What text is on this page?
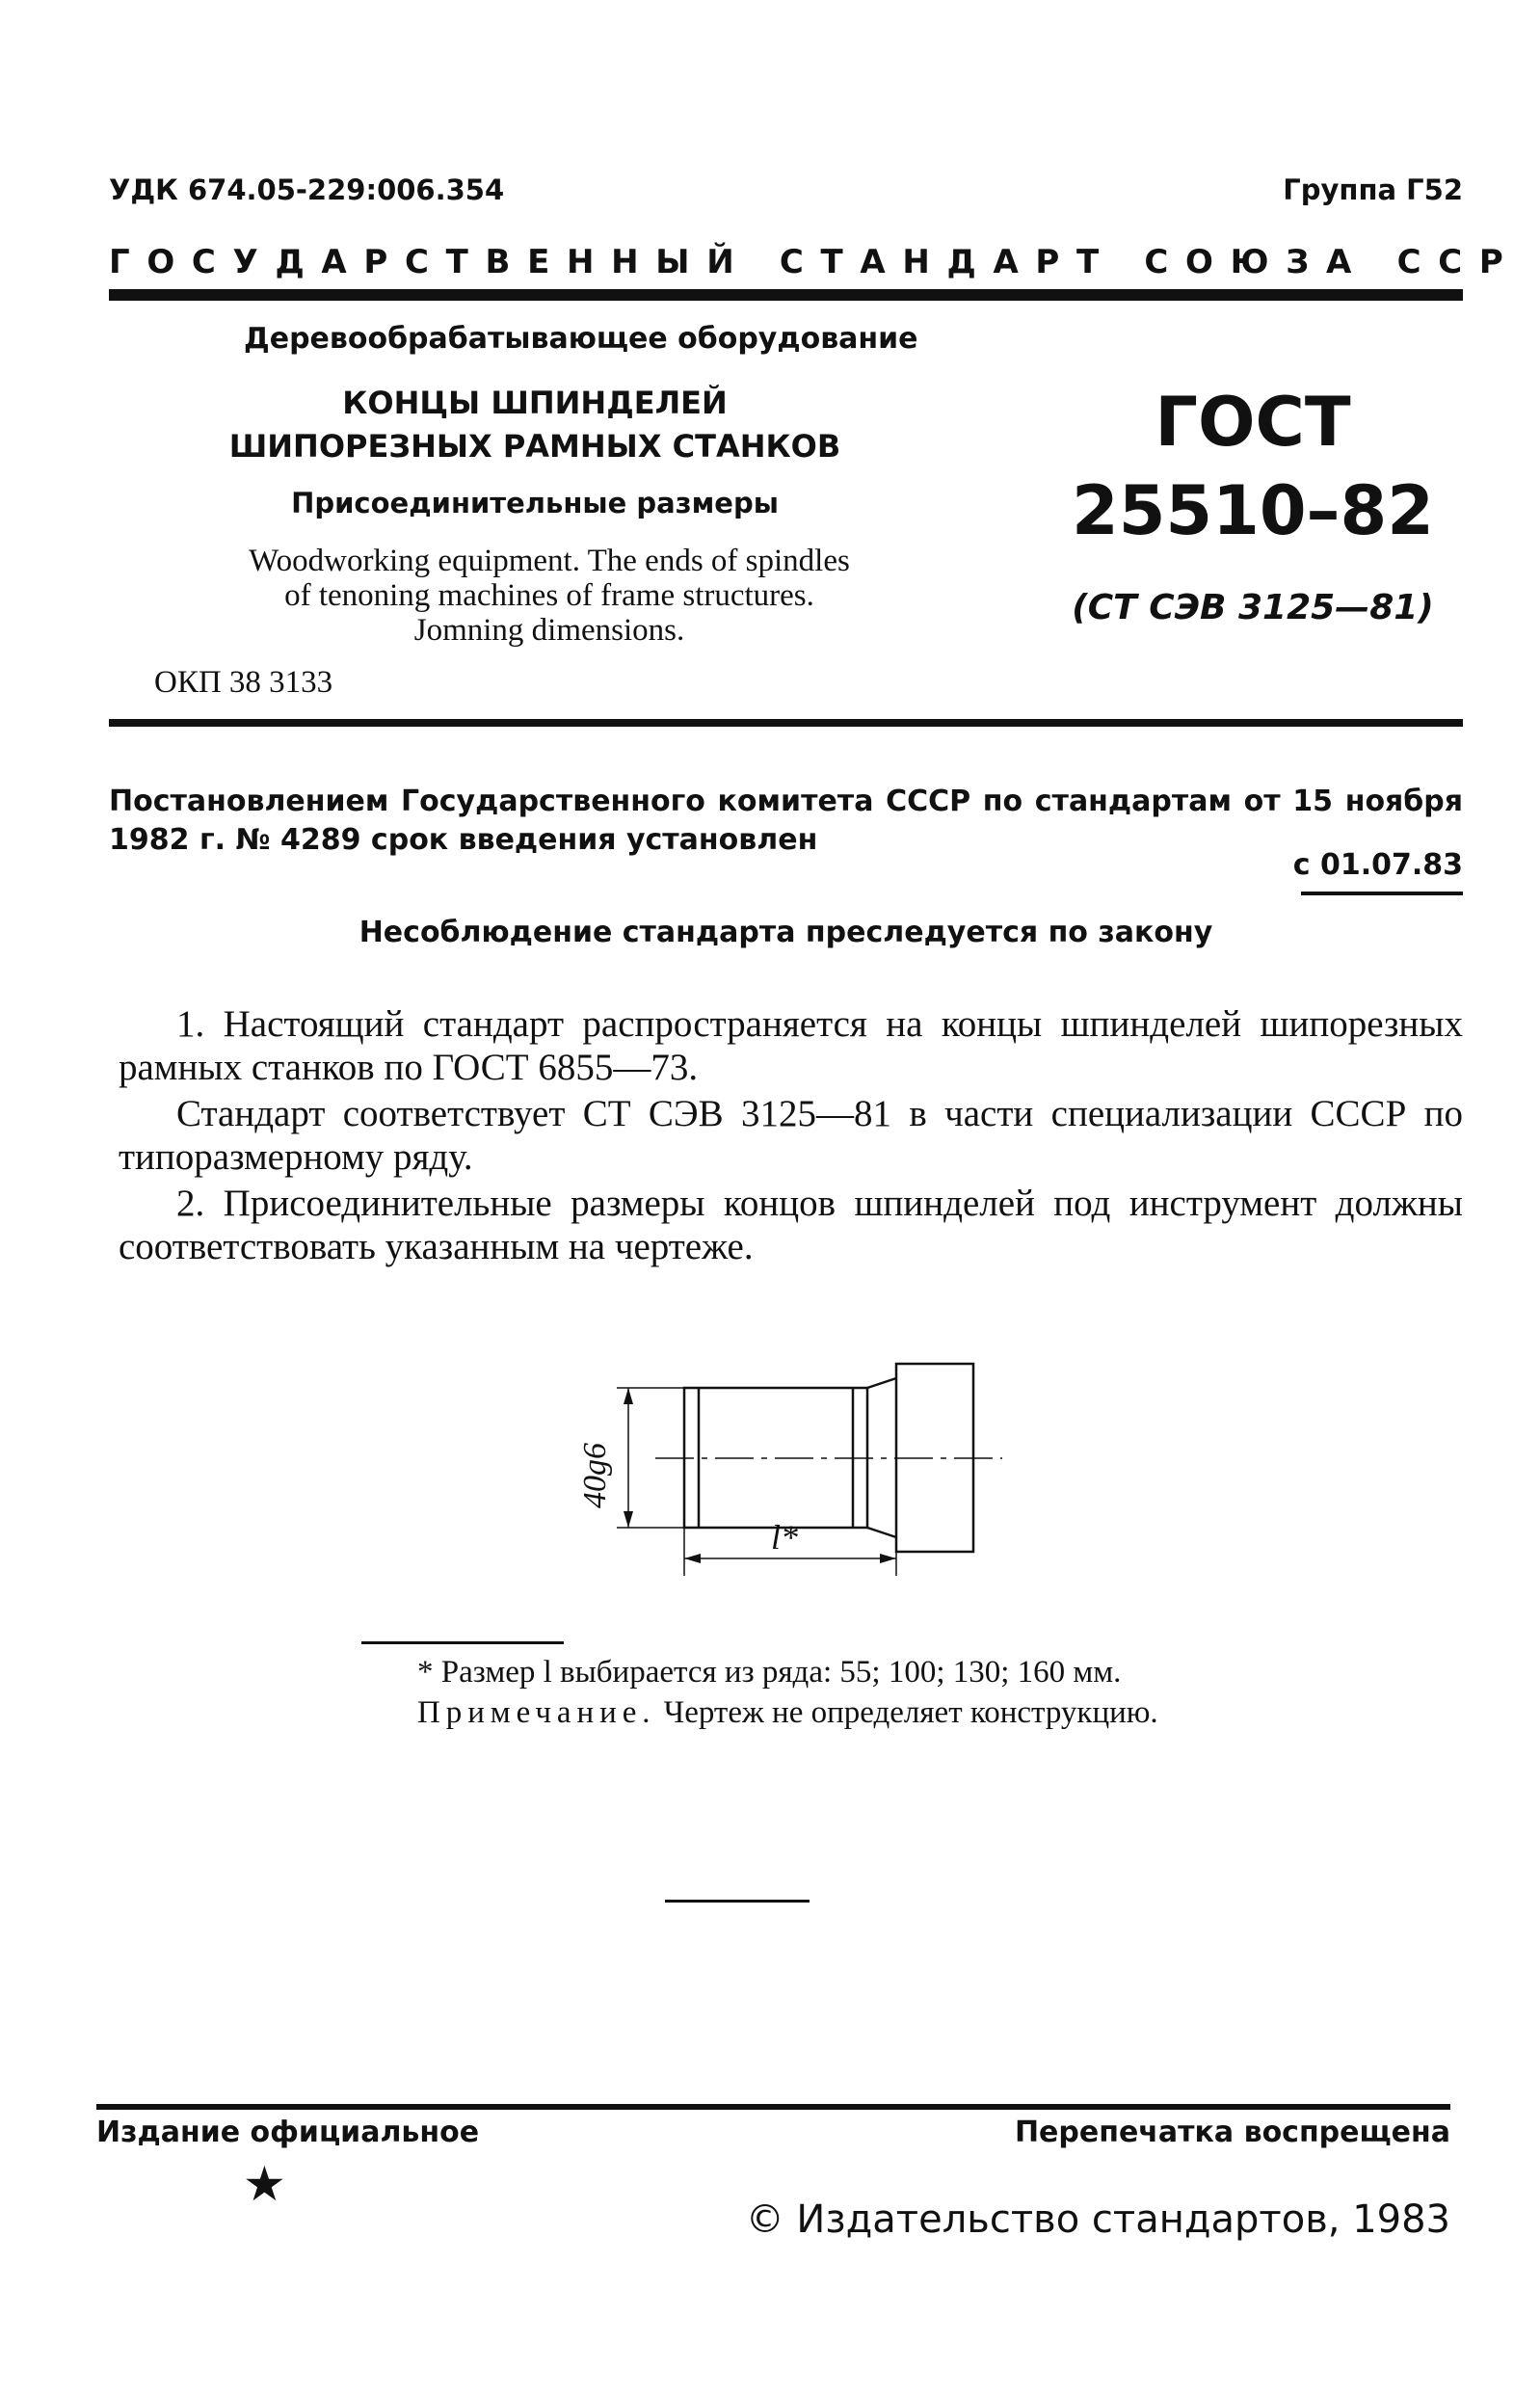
УДК 674.05-229:006.354	Группа Г52
ГОСУДАРСТВЕННЫЙ СТАНДАРТ СОЮЗА ССР
Деревообрабатывающее оборудование
КОНЦЫ ШПИНДЕЛЕЙ
ШИПОРЕЗНЫХ РАМНЫХ СТАНКОВ
Присоединительные размеры
Woodworking equipment. The ends of spindles
of tenoning machines of frame structures.
Jomning dimensions.
ОКП 38 3133
ГОСТ
25510–82
(СТ СЭВ 3125—81)
Постановлением Государственного комитета СССР по стандартам от 15 ноября 1982 г. № 4289 срок введения установлен
с 01.07.83
Несоблюдение стандарта преследуется по закону

1. Настоящий стандарт распространяется на концы шпинделей шипорезных рамных станков по ГОСТ 6855—73.

Стандарт соответствует СТ СЭВ 3125—81 в части специализации СССР по типоразмерному ряду.

2. Присоединительные размеры концов шпинделей под инструмент должны соответствовать указанным на чертеже.

40g6
l*

* Размер l выбирается из ряда: 55; 100; 130; 160 мм.

Примечание. Чертеж не определяет конструкцию.

Издание официальное	Перепечатка воспрещена
★
© Издательство стандартов, 1983
